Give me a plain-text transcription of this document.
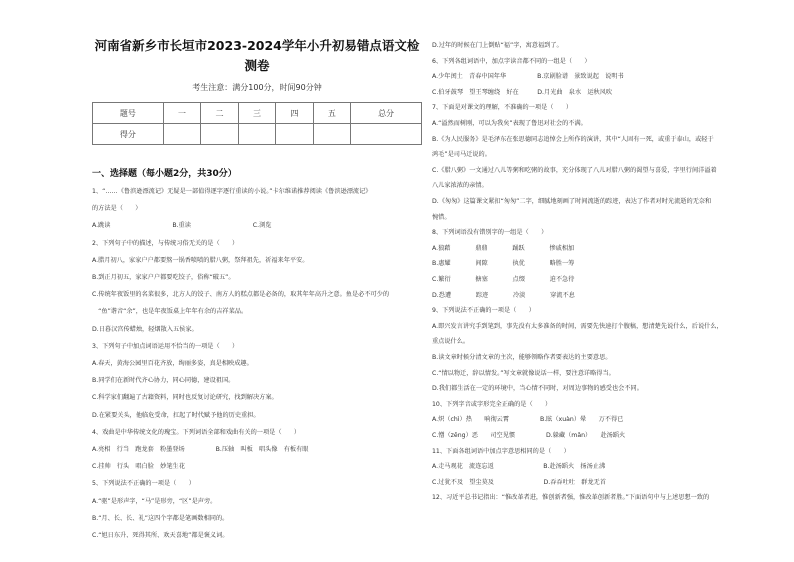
河南省新乡市长垣市2023-2024学年小升初易错点语文检测卷
考生注意：满分100分，时间90分钟
题号	一	二	三	四	五	总分
得分						
一、选择题（每小题2分，共30分）
1、“……《鲁滨逊漂流记》无疑是一部值得逐字逐行重读的小说。”卡尔维诺推荐阅读《鲁滨逊漂流记》
的方法是（　　）
A.跳读　　　　　　　　　　B.重读　　　　　　　　　　C.浏览
2、下列句子中的描述，与传统习俗无关的是（　　）
A.腊月初八，家家户户都要熬一锅香喷喷的腊八粥，祭拜祖先，祈福来年平安。
B.到正月初五，家家户户都要吃饺子，俗称“破五”。
C.传统年夜饭里的名菜很多，北方人的饺子、南方人的糕点都是必备的，取其年年高升之意。鱼是必不可少的
　“鱼”谐音“余”，也是年夜饭桌上年年有余的吉祥菜品。
D.日暮汉宫传蜡烛，轻烟散入五侯家。
3、下列句子中加点词语运用不恰当的一项是（　　）
A.春天，黄海公园里百花齐放，绚丽多姿，真是相映成趣。
B.同学们在新时代齐心协力，同心同德，建设祖国。
C.科学家们翻遍了古籍资料，同时也反复讨论研究，找到解决方案。
D.在紧要关头，他临危受命，扛起了时代赋予他的历史重担。
4、戏曲是中华传统文化的瑰宝。下列词语全部和戏曲有关的一项是（　　）
A.亮相　行当　跑龙套　粉墨登场　　　　　B.压轴　叫板　唱头像　有板有眼
C.挂帅　行头　唱白脸　妙笔生花
5、下列说法不正确的一项是（　　）
A.“驱”是形声字，“马”是形旁，“区”是声旁。
B.“月、长、长、礼”这四个字都是笔画数相同的。
C.“旭日东升、死得其所、欢天喜地”都是褒义词。
D.过年的时候在门上倒贴“福”字，寓意福到了。
6、下列各组词语中，加点字读音都不同的一组是（　　）
A.少年闰土　青春中国年华　　　　　B.京剧脸谱　景致说起　说明书
C.伯牙鼓琴　望王琴缠绕　好在　　　D.月光曲　泉水　运秋风吹
7、下面是对课文的理解，不准确的一项是（　　）
A.“溢然而树刚，可以为我矣”表现了鲁迅对社会的不满。
B.《为人民服务》是毛泽东在张思德同志追悼会上所作的演讲，其中“人固有一死，或重于泰山，或轻于
鸿毛”是司马迁说的。
C.《腊八粥》一文通过八儿等粥和吃粥的故事，充分体现了八儿对腊八粥的渴望与喜爱，字里行间洋溢着
八儿家浓浓的亲情。
D.《匆匆》这篇课文紧扣“匆匆”二字，细腻地刻画了时间流逝的踪迹，表达了作者对时光流逝的无奈和
惋惜。
8、下列词语没有错别字的一组是（　　）
A.狼藉　　　　鼎鼎　　　　踊跃　　　　惨戚相加
B.惠耀　　　　间隙　　　　执优　　　　略胜一筹
C.繁衍　　　　搪塞　　　　点缀　　　　迫不急待
D.恐遭　　　　踪迹　　　　冷淡　　　　穿流不息
9、下列说法不正确的一项是（　　）
A.即兴发言讲究手到笔到，事先没有太多准备的时间，需要先快速打个腹稿，想清楚先说什么，后说什么，
重点说什么。
B.读文章时候分清文章的主次，能够领略作者要表达的主要意思。
C.“情以物迁，辞以情发。”写文章就像说话一样，要注意详略得当。
D.我们都生活在一定的环境中，当心情不同时，对周边事物的感受也会不同。
10、下列字音或字形完全正确的是（　　）
A.炽（chì）热　　响彻云霄　　　　　B.眩（xuàn）晕　　万不得已
C.憎（zēng）恶　　司空见惯　　　　　D.躲藏（mǎn）　　赴汤蹈火
11、下面各组词语中加点字意思相同的是（　　）
A.走马观花　流连忘返　　　　　　　　B.赴汤蹈火　扬汤止沸
C.过犹不及　望尘莫及　　　　　　　　D.吞吞吐吐　群龙无首
12、习近平总书记指出：“惟改革者进，惟创新者强，惟改革创新者胜。”下面语句中与上述思想一致的
